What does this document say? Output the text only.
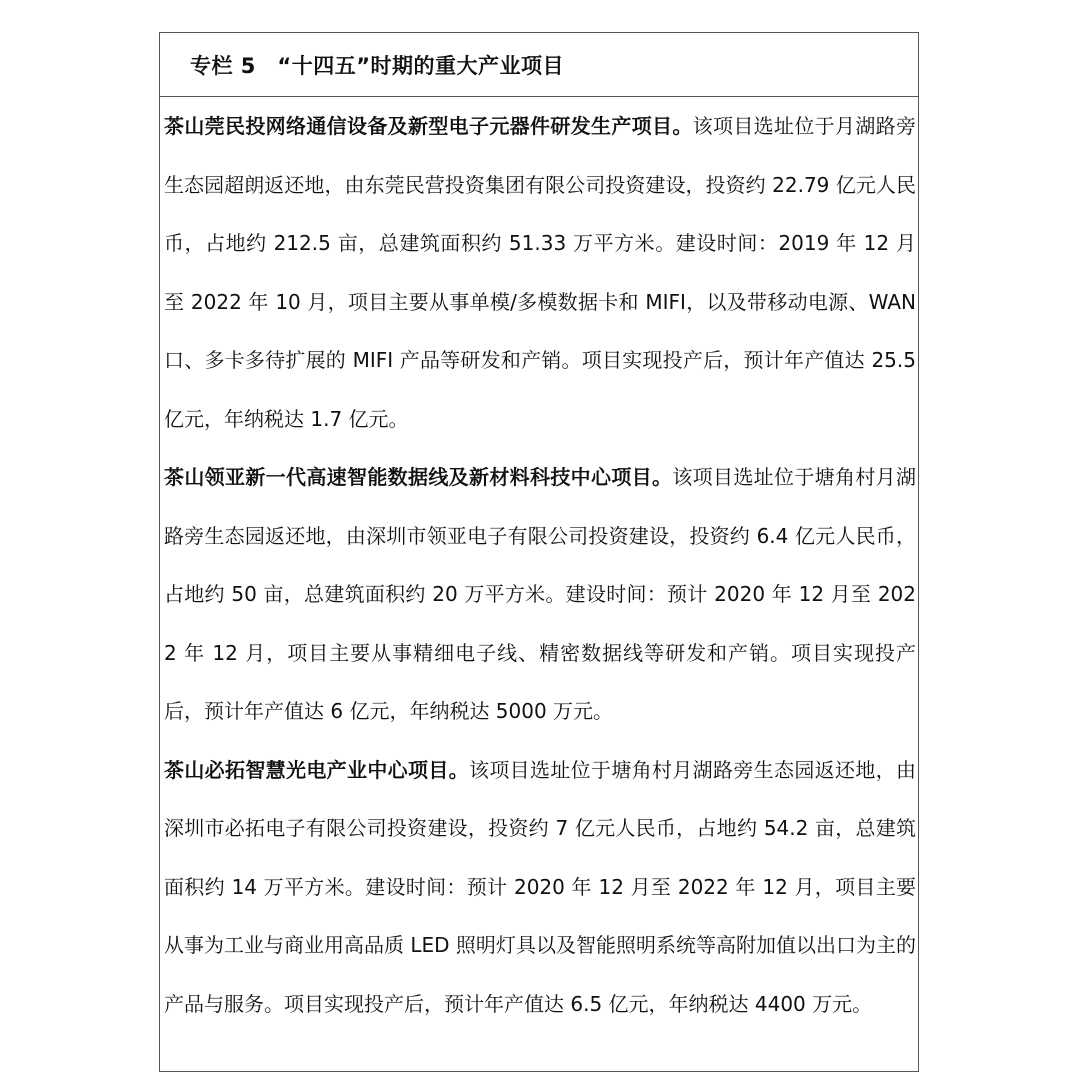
专栏 5　“十四五”时期的重大产业项目

茶山莞民投网络通信设备及新型电子元器件研发生产项目。该项目选址位于月湖路旁生态园超朗返还地，由东莞民营投资集团有限公司投资建设，投资约 22.79 亿元人民币，占地约 212.5 亩，总建筑面积约 51.33 万平方米。建设时间：2019 年 12 月至 2022 年 10 月，项目主要从事单模/多模数据卡和 MIFI，以及带移动电源、WAN 口、多卡多待扩展的 MIFI 产品等研发和产销。项目实现投产后，预计年产值达 25.5 亿元，年纳税达 1.7 亿元。

茶山领亚新一代高速智能数据线及新材料科技中心项目。该项目选址位于塘角村月湖路旁生态园返还地，由深圳市领亚电子有限公司投资建设，投资约 6.4 亿元人民币，占地约 50 亩，总建筑面积约 20 万平方米。建设时间：预计 2020 年 12 月至 2022 年 12 月，项目主要从事精细电子线、精密数据线等研发和产销。项目实现投产后，预计年产值达 6 亿元，年纳税达 5000 万元。

茶山必拓智慧光电产业中心项目。该项目选址位于塘角村月湖路旁生态园返还地，由深圳市必拓电子有限公司投资建设，投资约 7 亿元人民币，占地约 54.2 亩，总建筑面积约 14 万平方米。建设时间：预计 2020 年 12 月至 2022 年 12 月，项目主要从事为工业与商业用高品质 LED 照明灯具以及智能照明系统等高附加值以出口为主的产品与服务。项目实现投产后，预计年产值达 6.5 亿元，年纳税达 4400 万元。
